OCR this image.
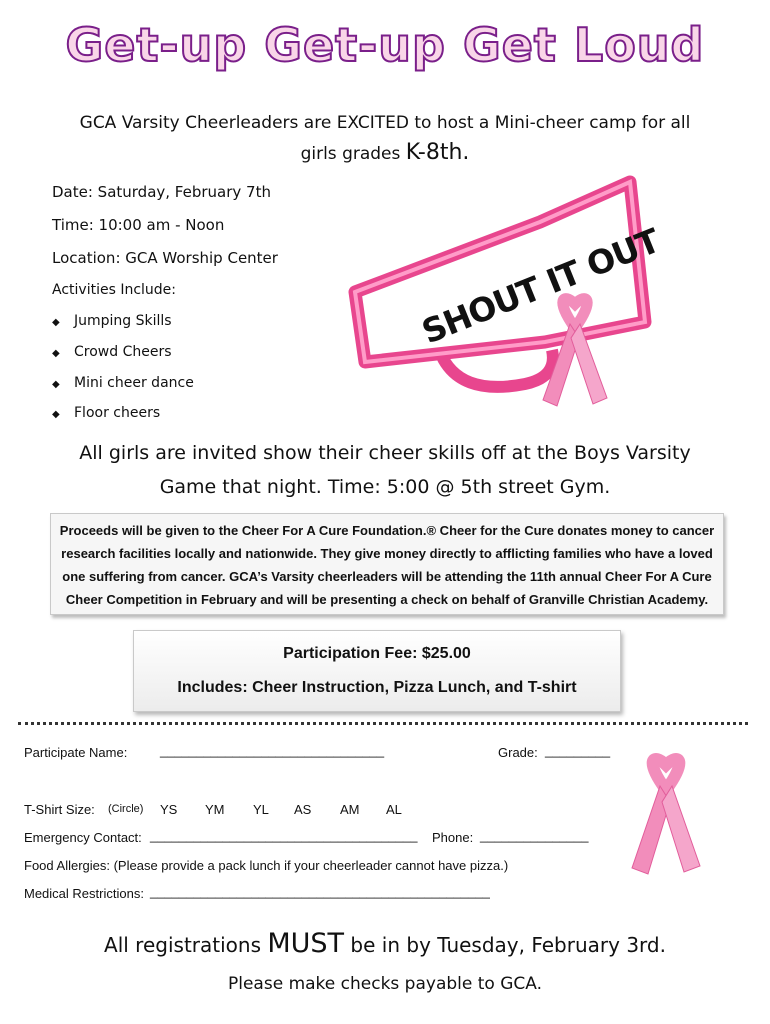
Get-up Get-up Get Loud
GCA Varsity Cheerleaders are EXCITED to host a Mini-cheer camp for all
girls grades K-8th.
Date: Saturday, February 7th
Time: 10:00 am - Noon
Location: GCA Worship Center
Activities Include:
◆ Jumping Skills
◆ Crowd Cheers
◆ Mini cheer dance
◆ Floor cheers
SHOUT IT OUT
All girls are invited show their cheer skills off at the Boys Varsity
Game that night. Time: 5:00 @ 5th street Gym.

Proceeds will be given to the Cheer For A Cure Foundation.® Cheer for the Cure donates money to cancer research facilities locally and nationwide. They give money directly to afflicting families who have a loved one suffering from cancer. GCA’s Varsity cheerleaders will be attending the 11th annual Cheer For A Cure Cheer Competition in February and will be presenting a check on behalf of Granville Christian Academy.

Participation Fee: $25.00
Includes: Cheer Instruction, Pizza Lunch, and T-shirt
Participate Name:	_______________________________	Grade: _________
T-Shirt Size: (Circle) YS YM YL AS AM AL
Emergency Contact: _____________________________________ Phone: _______________
Food Allergies: (Please provide a pack lunch if your cheerleader cannot have pizza.)
Medical Restrictions: _______________________________________________
All registrations MUST be in by Tuesday, February 3rd.
Please make checks payable to GCA.
